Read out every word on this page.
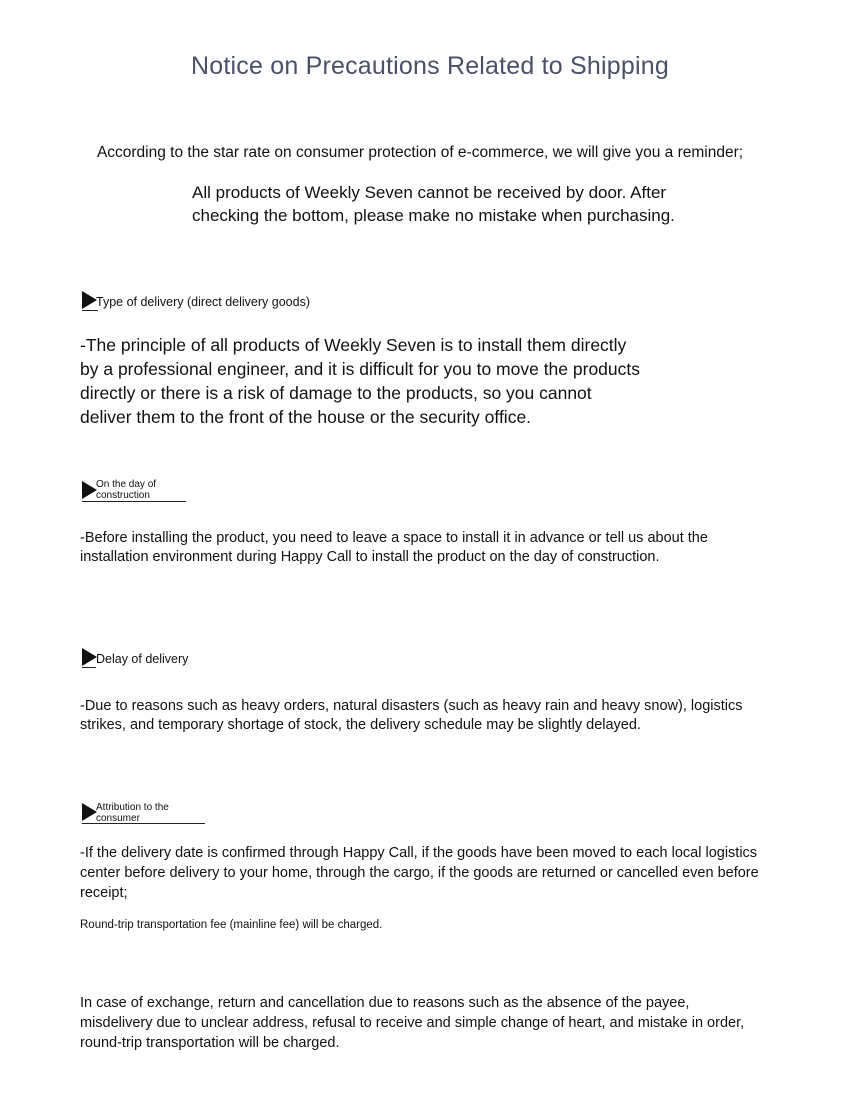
Notice on Precautions Related to Shipping
According to the star rate on consumer protection of e-commerce, we will give you a reminder;
All products of Weekly Seven cannot be received by door. After checking the bottom, please make no mistake when purchasing.
Type of delivery (direct delivery goods)
-The principle of all products of Weekly Seven is to install them directly by a professional engineer, and it is difficult for you to move the products directly or there is a risk of damage to the products, so you cannot deliver them to the front of the house or the security office.
On the day of construction
-Before installing the product, you need to leave a space to install it in advance or tell us about the installation environment during Happy Call to install the product on the day of construction.
Delay of delivery
-Due to reasons such as heavy orders, natural disasters (such as heavy rain and heavy snow), logistics strikes, and temporary shortage of stock, the delivery schedule may be slightly delayed.
Attribution to the consumer
-If the delivery date is confirmed through Happy Call, if the goods have been moved to each local logistics center before delivery to your home, through the cargo, if the goods are returned or cancelled even before receipt;
Round-trip transportation fee (mainline fee) will be charged.
In case of exchange, return and cancellation due to reasons such as the absence of the payee, misdelivery due to unclear address, refusal to receive and simple change of heart, and mistake in order, round-trip transportation will be charged.
